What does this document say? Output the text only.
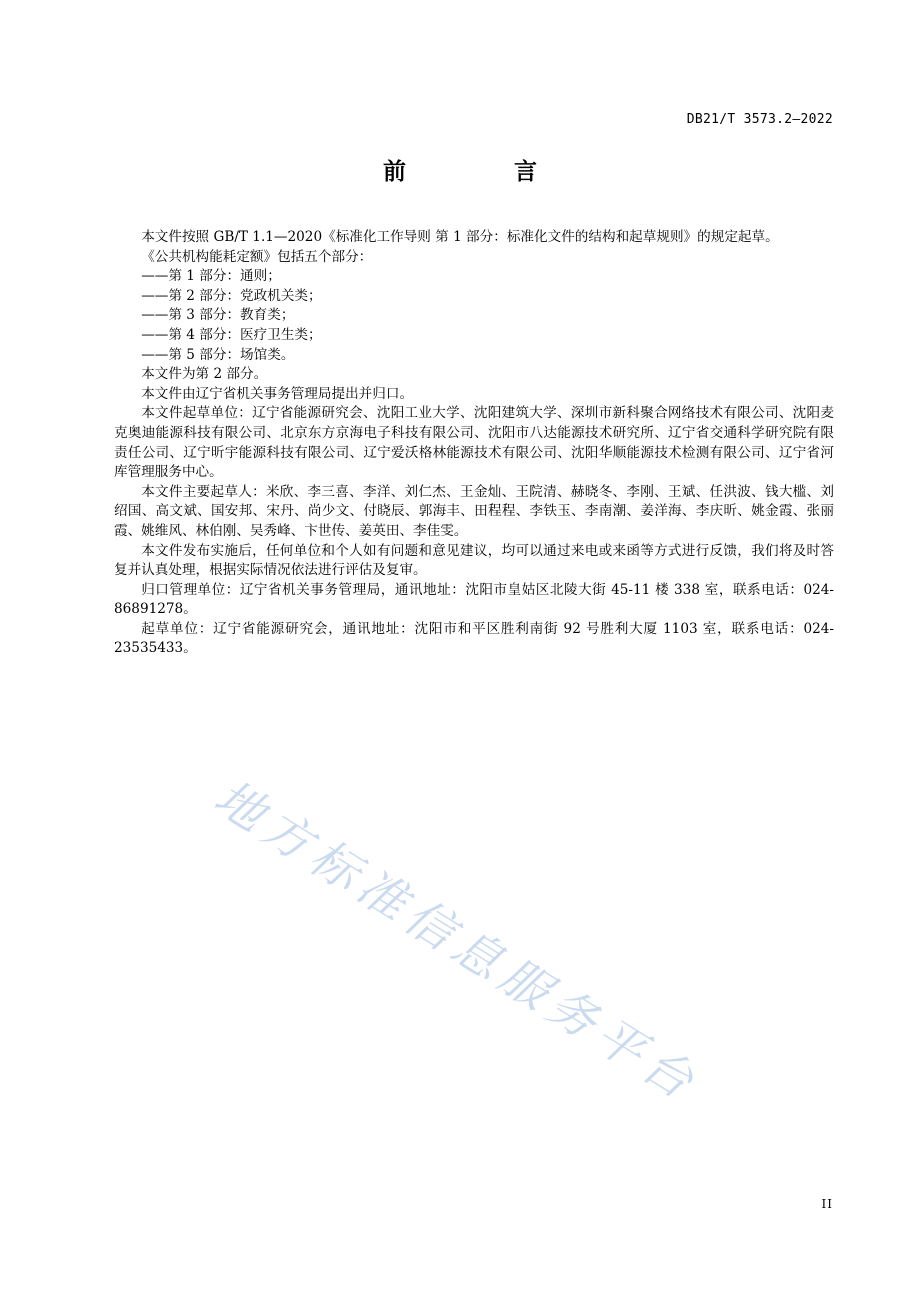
DB21/T 3573.2—2022
前 言

本文件按照 GB/T 1.1—2020《标准化工作导则 第 1 部分：标准化文件的结构和起草规则》的规定起草。

《公共机构能耗定额》包括五个部分：

——第 1 部分：通则；

——第 2 部分：党政机关类；

——第 3 部分：教育类；

——第 4 部分：医疗卫生类；

——第 5 部分：场馆类。

本文件为第 2 部分。

本文件由辽宁省机关事务管理局提出并归口。

本文件起草单位：辽宁省能源研究会、沈阳工业大学、沈阳建筑大学、深圳市新科聚合网络技术有限公司、沈阳麦克奥迪能源科技有限公司、北京东方京海电子科技有限公司、沈阳市八达能源技术研究所、辽宁省交通科学研究院有限责任公司、辽宁昕宇能源科技有限公司、辽宁爱沃格林能源技术有限公司、沈阳华顺能源技术检测有限公司、辽宁省河库管理服务中心。

本文件主要起草人：米欣、李三喜、李洋、刘仁杰、王金灿、王院清、赫晓冬、李刚、王斌、任洪波、钱大槛、刘绍国、高文斌、国安邦、宋丹、尚少文、付晓辰、郭海丰、田程程、李铁玉、李南潮、姜洋海、李庆昕、姚金霞、张丽霞、姚维风、林伯刚、吴秀峰、卞世传、姜英田、李佳雯。

本文件发布实施后，任何单位和个人如有问题和意见建议，均可以通过来电或来函等方式进行反馈，我们将及时答复并认真处理，根据实际情况依法进行评估及复审。

归口管理单位：辽宁省机关事务管理局，通讯地址：沈阳市皇姑区北陵大街 45-11 楼 338 室，联系电话：024-86891278。

起草单位：辽宁省能源研究会，通讯地址：沈阳市和平区胜利南街 92 号胜利大厦 1103 室，联系电话：024-23535433。

地方标准信息服务平台
II
